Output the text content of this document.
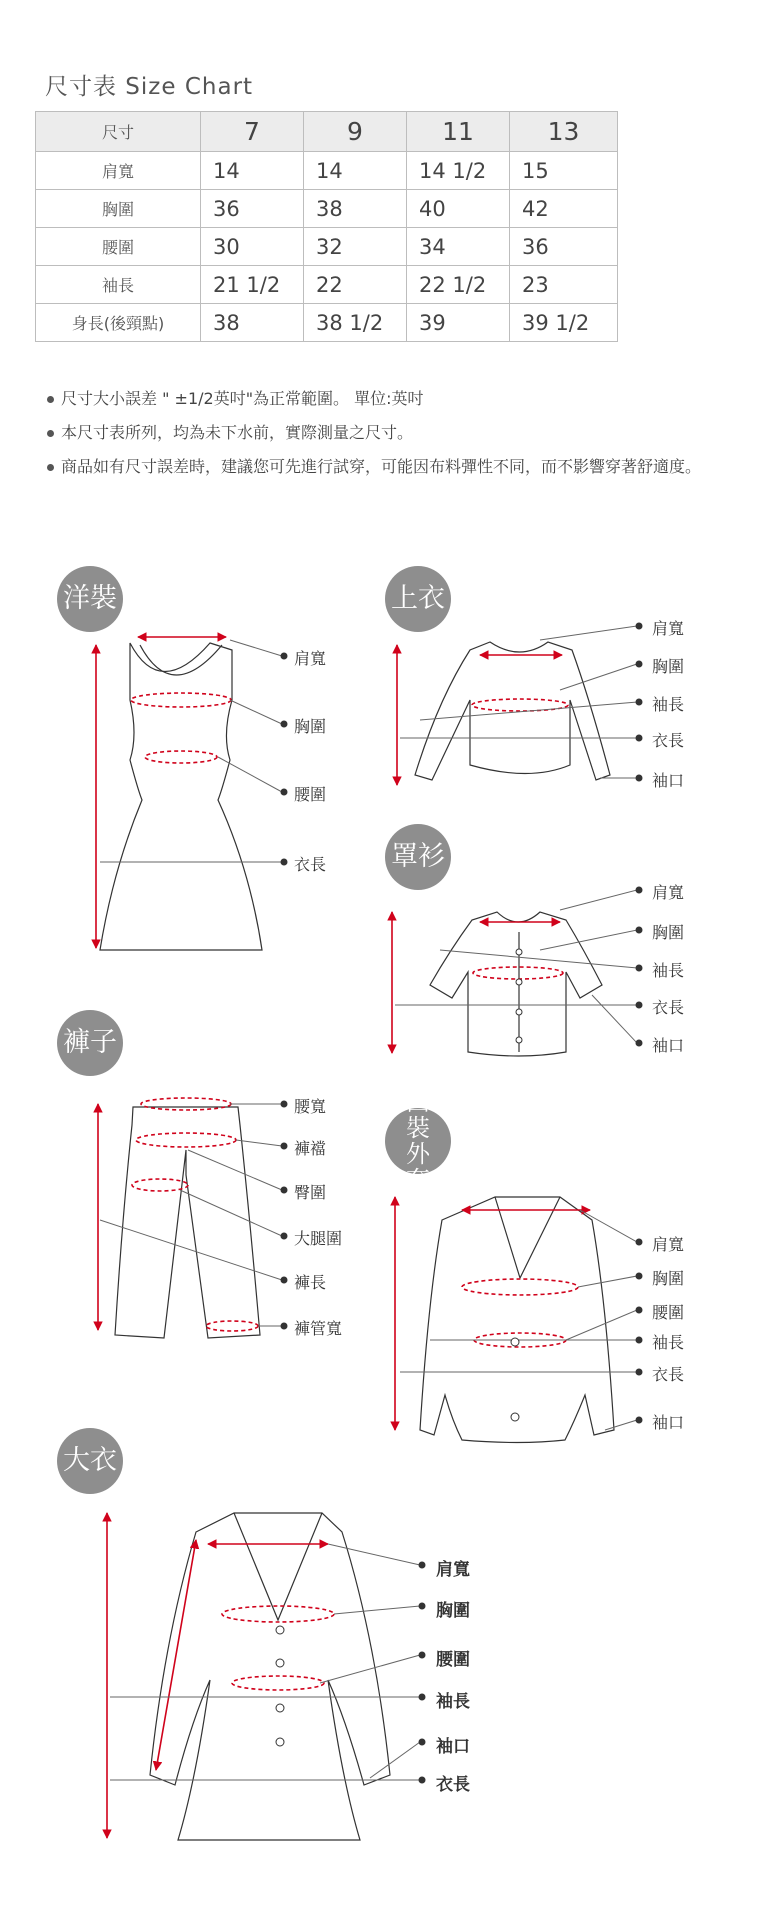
尺寸表 Size Chart
尺寸	7	9	11	13
肩寬	14	14	14 1/2	15
胸圍	36	38	40	42
腰圍	30	32	34	36
袖長	21 1/2	22	22 1/2	23
身長(後頸點)	38	38 1/2	39	39 1/2
尺寸大小誤差 " ±1/2英吋"為正常範圍。 單位:英吋
本尺寸表所列，均為未下水前，實際測量之尺寸。
商品如有尺寸誤差時，建議您可先進行試穿，可能因布料彈性不同，而不影響穿著舒適度。
洋裝	上衣
罩衫
褲子
西裝外套
大衣
肩寬
胸圍
腰圍
衣長
肩寬
胸圍
袖長
衣長
袖口
肩寬
胸圍
袖長
衣長
袖口
腰寬
褲襠
臀圍
大腿圍
褲長
褲管寬
肩寬
胸圍
腰圍
袖長
衣長
袖口
肩寬
胸圍
腰圍
袖長
袖口
衣長
